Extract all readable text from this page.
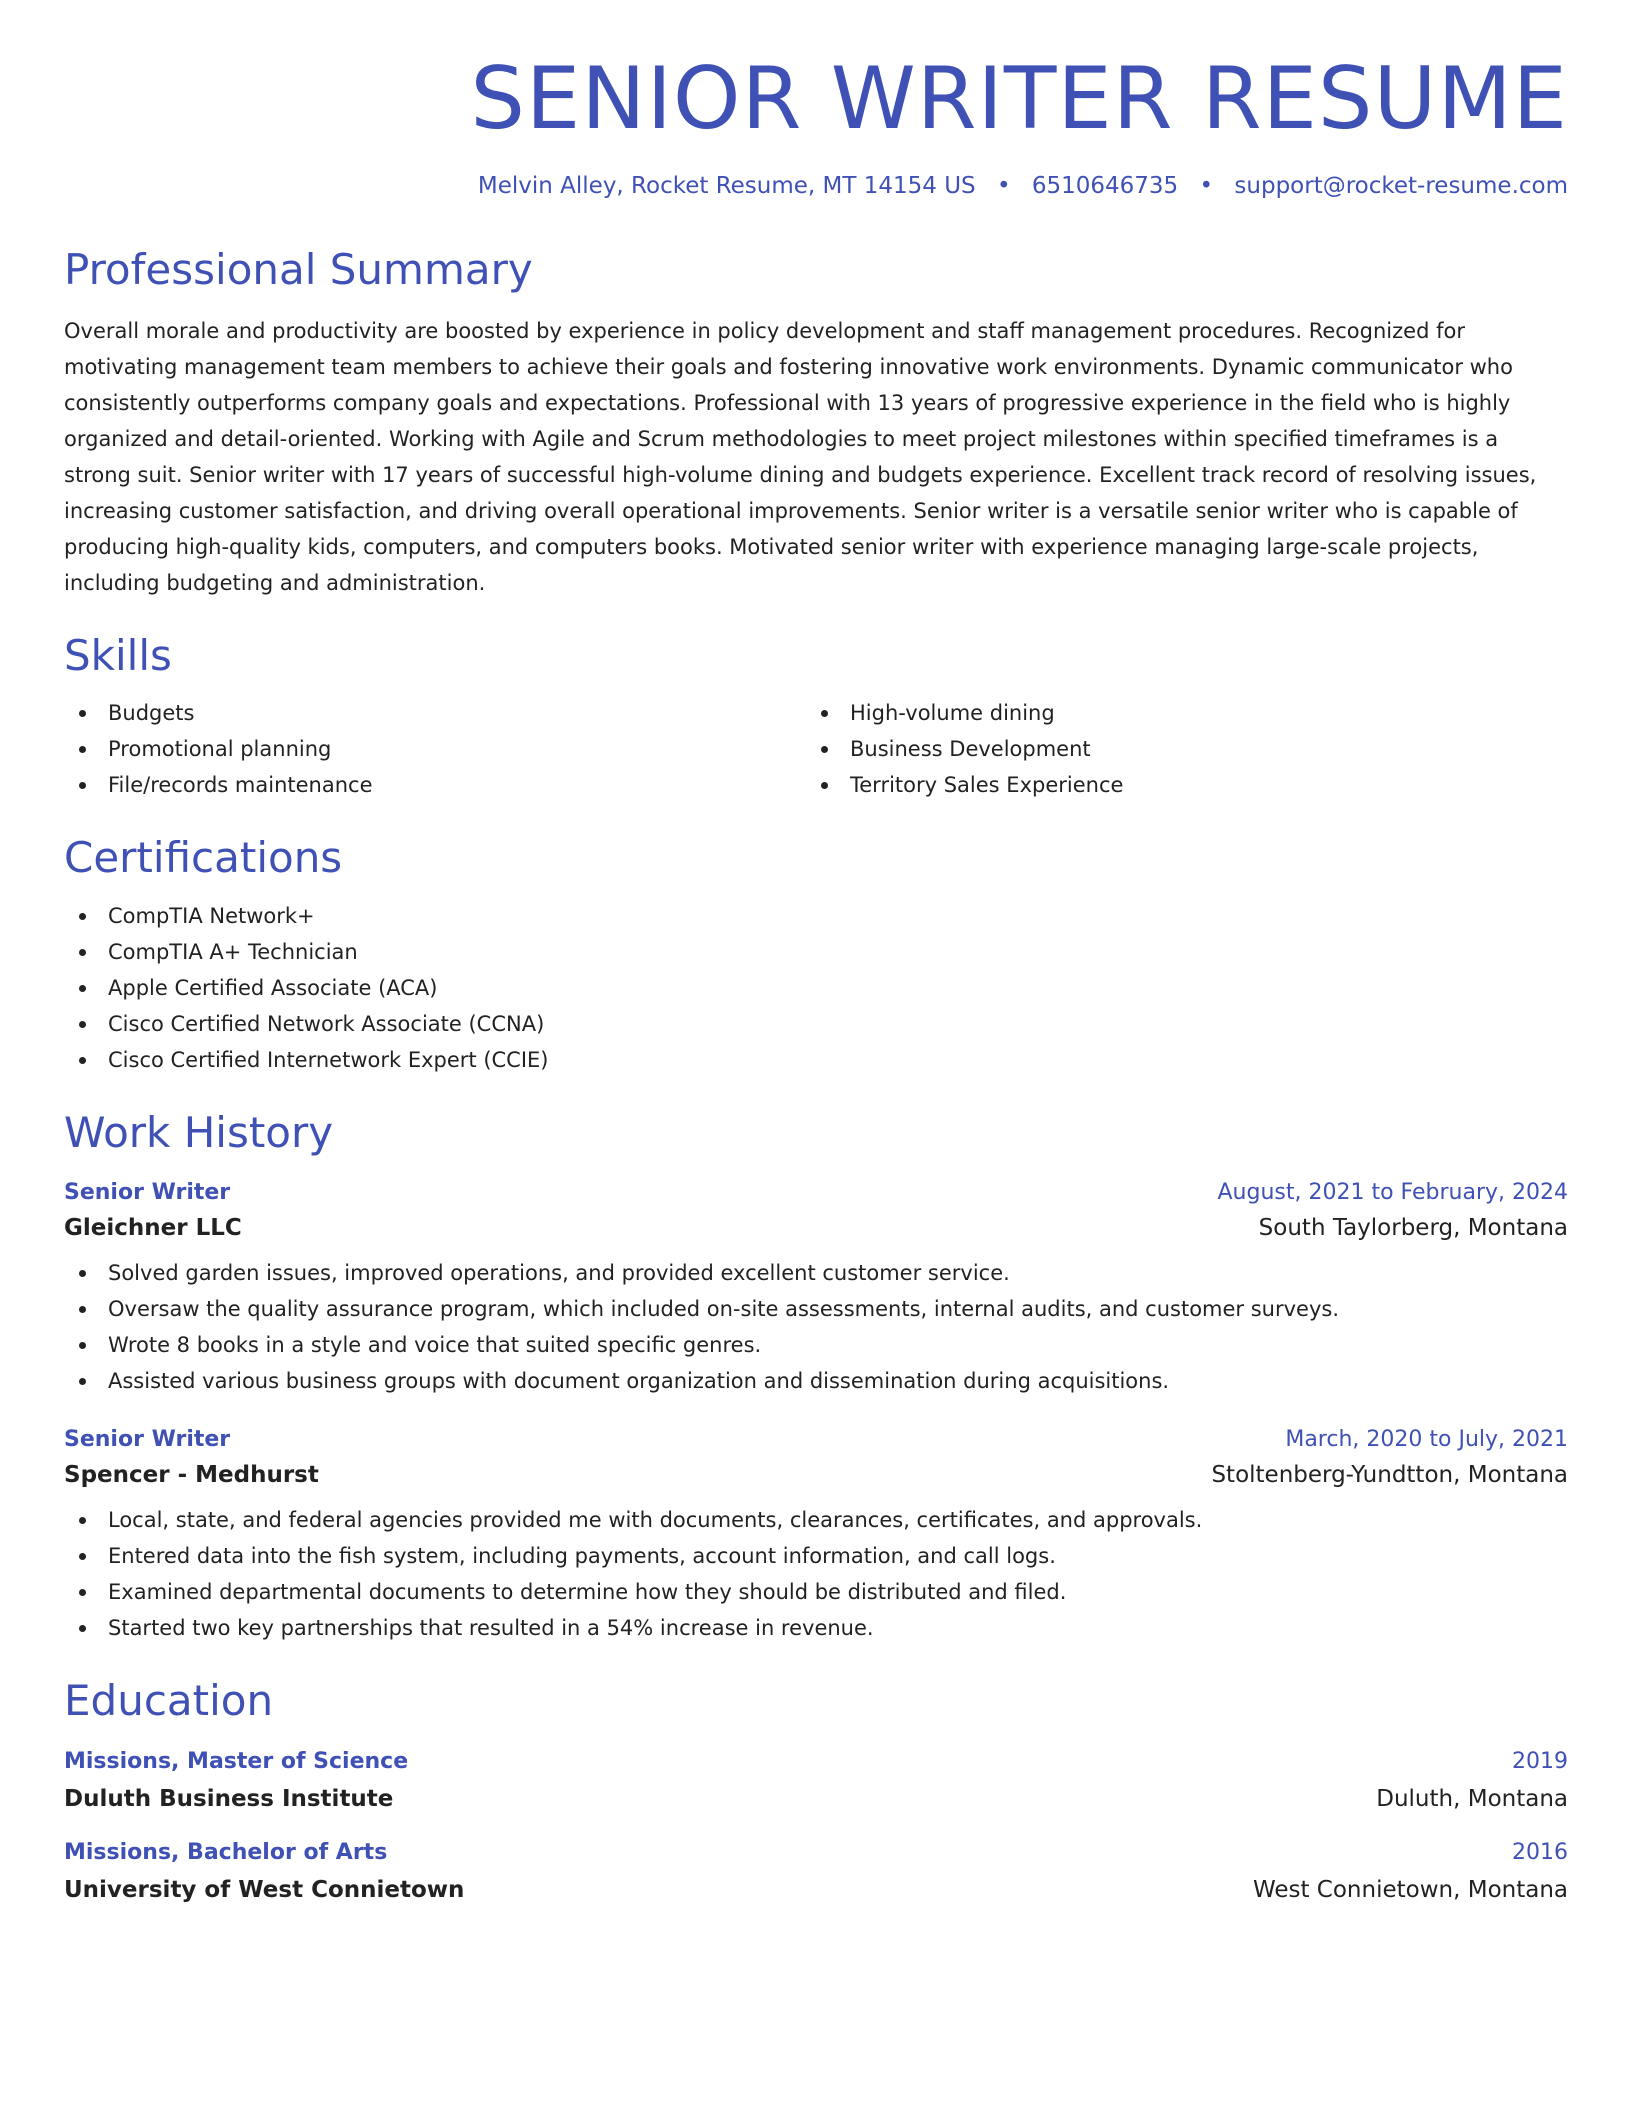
SENIOR WRITER RESUME
Melvin Alley, Rocket Resume, MT 14154 US • 6510646735 • support@rocket-resume.com
Professional Summary
Overall morale and productivity are boosted by experience in policy development and staff management procedures. Recognized for motivating management team members to achieve their goals and fostering innovative work environments. Dynamic communicator who consistently outperforms company goals and expectations. Professional with 13 years of progressive experience in the field who is highly organized and detail-oriented. Working with Agile and Scrum methodologies to meet project milestones within specified timeframes is a strong suit. Senior writer with 17 years of successful high-volume dining and budgets experience. Excellent track record of resolving issues, increasing customer satisfaction, and driving overall operational improvements. Senior writer is a versatile senior writer who is capable of producing high-quality kids, computers, and computers books. Motivated senior writer with experience managing large-scale projects, including budgeting and administration.
Skills
Budgets
Promotional planning
File/records maintenance
High-volume dining
Business Development
Territory Sales Experience
Certifications
CompTIA Network+
CompTIA A+ Technician
Apple Certified Associate (ACA)
Cisco Certified Network Associate (CCNA)
Cisco Certified Internetwork Expert (CCIE)
Work History
Senior Writer	August, 2021 to February, 2024
Gleichner LLC	South Taylorberg, Montana
Solved garden issues, improved operations, and provided excellent customer service.
Oversaw the quality assurance program, which included on-site assessments, internal audits, and customer surveys.
Wrote 8 books in a style and voice that suited specific genres.
Assisted various business groups with document organization and dissemination during acquisitions.
Senior Writer	March, 2020 to July, 2021
Spencer - Medhurst	Stoltenberg-Yundtton, Montana
Local, state, and federal agencies provided me with documents, clearances, certificates, and approvals.
Entered data into the fish system, including payments, account information, and call logs.
Examined departmental documents to determine how they should be distributed and filed.
Started two key partnerships that resulted in a 54% increase in revenue.
Education
Missions, Master of Science	2019
Duluth Business Institute	Duluth, Montana
Missions, Bachelor of Arts	2016
University of West Connietown	West Connietown, Montana
